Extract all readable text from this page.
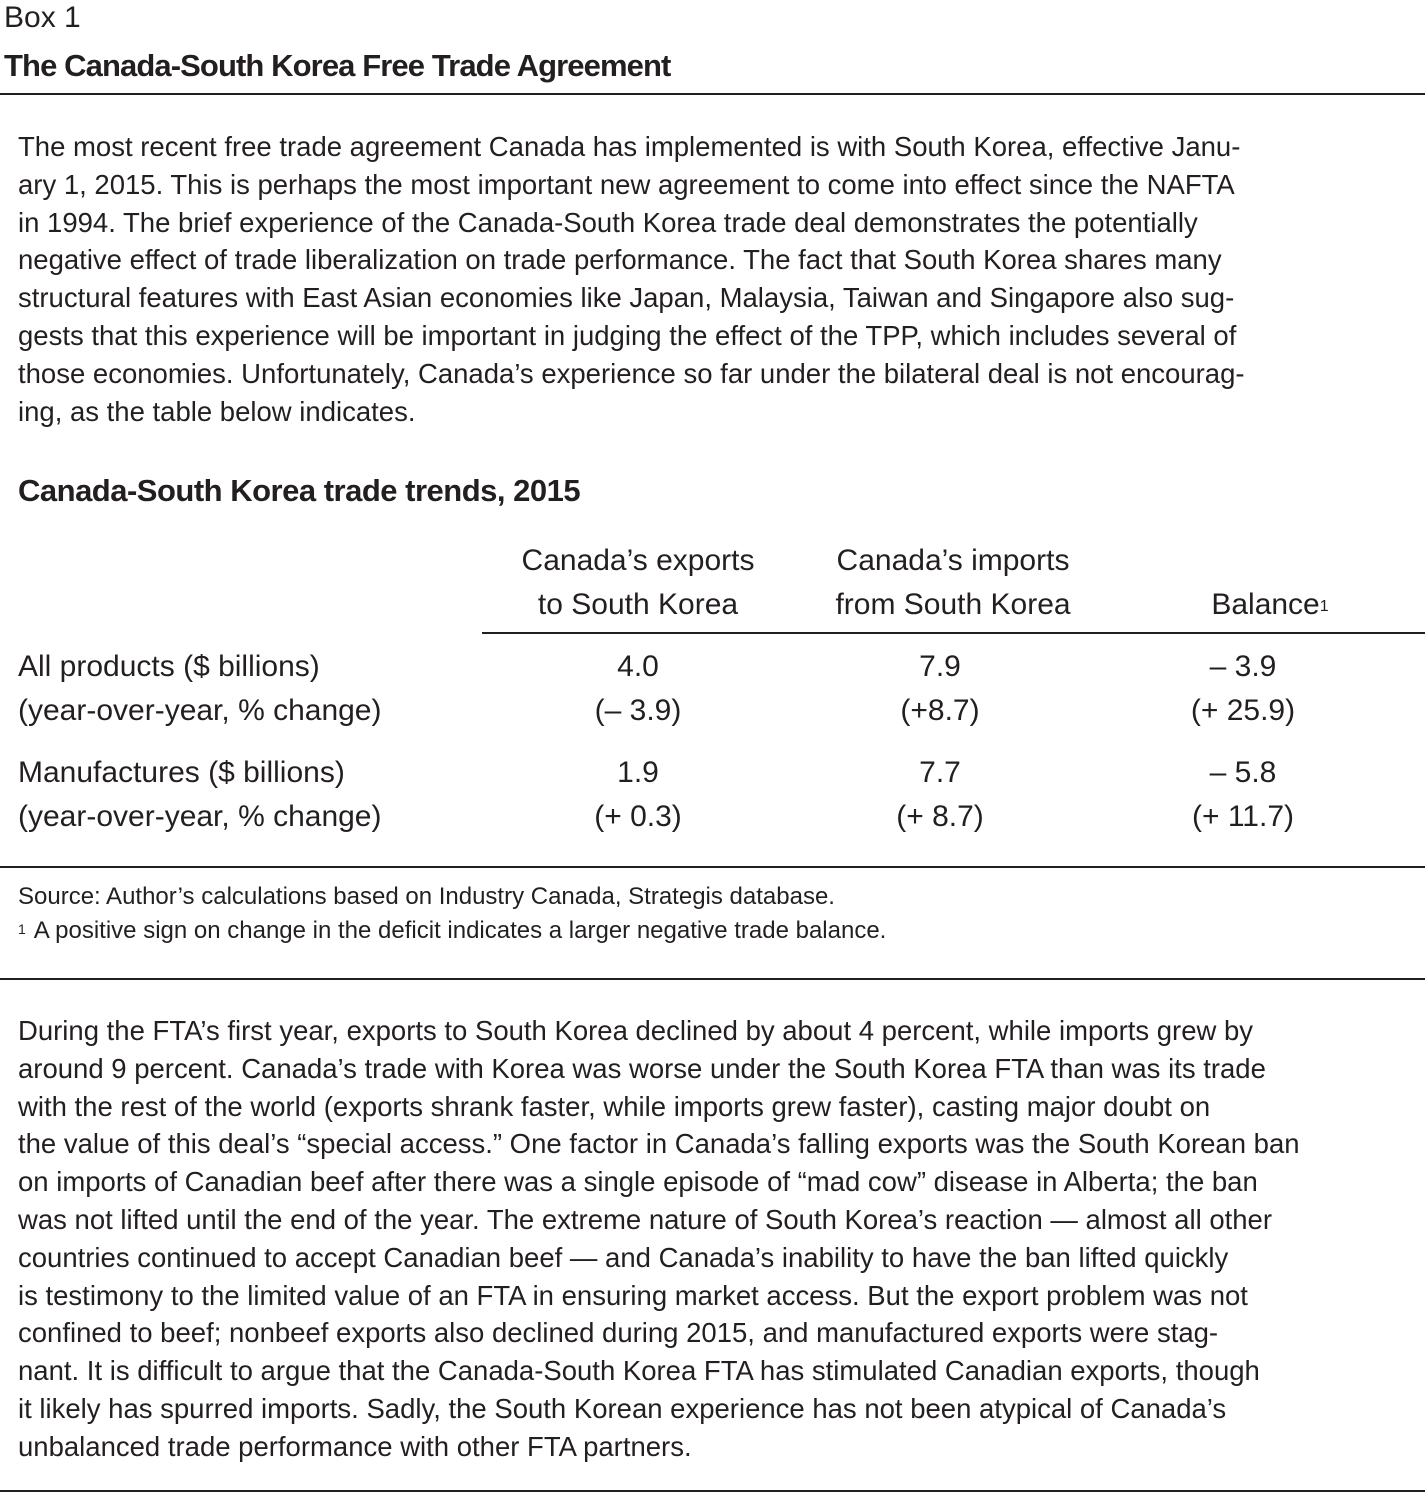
Box 1
The Canada-South Korea Free Trade Agreement
The most recent free trade agreement Canada has implemented is with South Korea, effective Janu-
ary 1, 2015. This is perhaps the most important new agreement to come into effect since the NAFTA
in 1994. The brief experience of the Canada-South Korea trade deal demonstrates the potentially
negative effect of trade liberalization on trade performance. The fact that South Korea shares many
structural features with East Asian economies like Japan, Malaysia, Taiwan and Singapore also sug-
gests that this experience will be important in judging the effect of the TPP, which includes several of
those economies. Unfortunately, Canada’s experience so far under the bilateral deal is not encourag-
ing, as the table below indicates.
Canada-South Korea trade trends, 2015
Canada’s exports
to South Korea
Canada’s imports
from South Korea	Balance$^1$
All products ($ billions)
(year-over-year, % change)
4.0
(– 3.9)
7.9
(+8.7)
– 3.9
(+ 25.9)
Manufactures ($ billions)
(year-over-year, % change)
1.9
(+ 0.3)
7.7
(+ 8.7)
– 5.8
(+ 11.7)
Source: Author’s calculations based on Industry Canada, Strategis database.
$^1$ A positive sign on change in the deficit indicates a larger negative trade balance.
During the FTA’s first year, exports to South Korea declined by about 4 percent, while imports grew by
around 9 percent. Canada’s trade with Korea was worse under the South Korea FTA than was its trade
with the rest of the world (exports shrank faster, while imports grew faster), casting major doubt on
the value of this deal’s “special access.” One factor in Canada’s falling exports was the South Korean ban
on imports of Canadian beef after there was a single episode of “mad cow” disease in Alberta; the ban
was not lifted until the end of the year. The extreme nature of South Korea’s reaction — almost all other
countries continued to accept Canadian beef — and Canada’s inability to have the ban lifted quickly
is testimony to the limited value of an FTA in ensuring market access. But the export problem was not
confined to beef; nonbeef exports also declined during 2015, and manufactured exports were stag-
nant. It is difficult to argue that the Canada-South Korea FTA has stimulated Canadian exports, though
it likely has spurred imports. Sadly, the South Korean experience has not been atypical of Canada’s
unbalanced trade performance with other FTA partners.
